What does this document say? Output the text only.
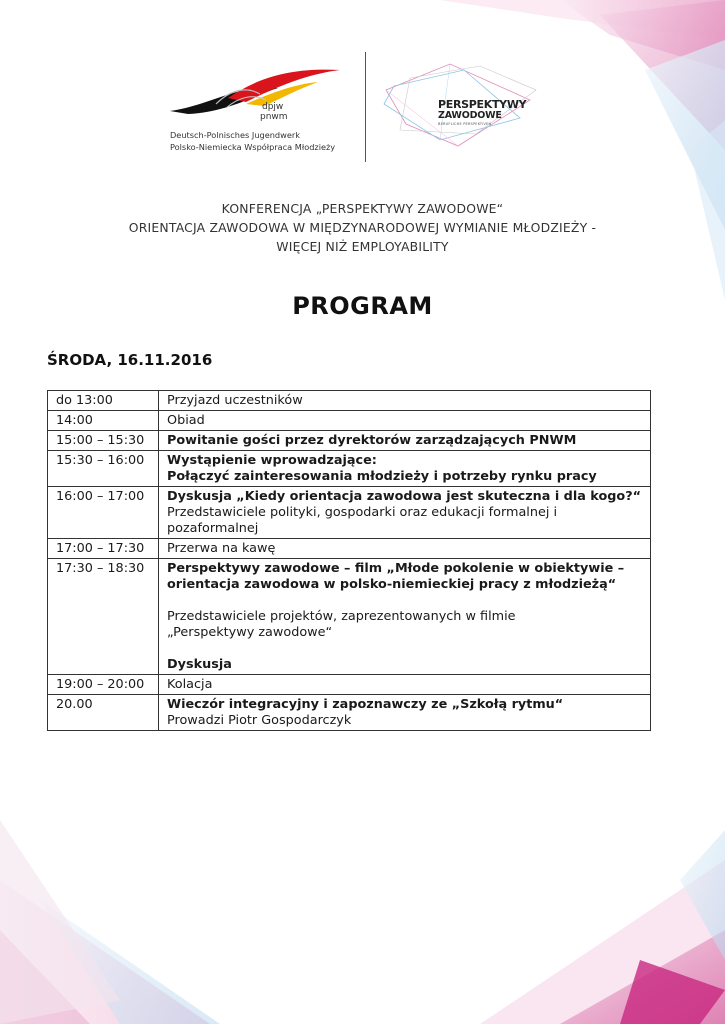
dpjw
pnwm
Deutsch-Polnisches Jugendwerk
Polsko-Niemiecka Współpraca Młodzieży
PERSPEKTYWY
ZAWODOWE
BERUFLICHE PERSPEKTIVEN
KONFERENCJA „PERSPEKTYWY ZAWODOWE“
ORIENTACJA ZAWODOWA W MIĘDZYNARODOWEJ WYMIANIE MŁODZIEŻY -
WIĘCEJ NIŻ EMPLOYABILITY
PROGRAM
ŚRODA, 16.11.2016
do 13:00	Przyjazd uczestników

14:00	Obiad

15:00 – 15:30	Powitanie gości przez dyrektorów zarządzających PNWM

15:30 – 16:00	Wystąpienie wprowadzające:
Połączyć zainteresowania młodzieży i potrzeby rynku pracy

16:00 – 17:00	Dyskusja „Kiedy orientacja zawodowa jest skuteczna i dla kogo?“
Przedstawiciele polityki, gospodarki oraz edukacji formalnej i pozaformalnej

17:00 – 17:30	Przerwa na kawę

17:30 – 18:30	Perspektywy zawodowe – film „Młode pokolenie w obiektywie –
orientacja zawodowa w polsko-niemieckiej pracy z młodzieżą“
Przedstawiciele projektów, zaprezentowanych w filmie
„Perspektywy zawodowe“
Dyskusja

19:00 – 20:00	Kolacja

20.00	Wieczór integracyjny i zapoznawczy ze „Szkołą rytmu“
Prowadzi Piotr Gospodarczyk
